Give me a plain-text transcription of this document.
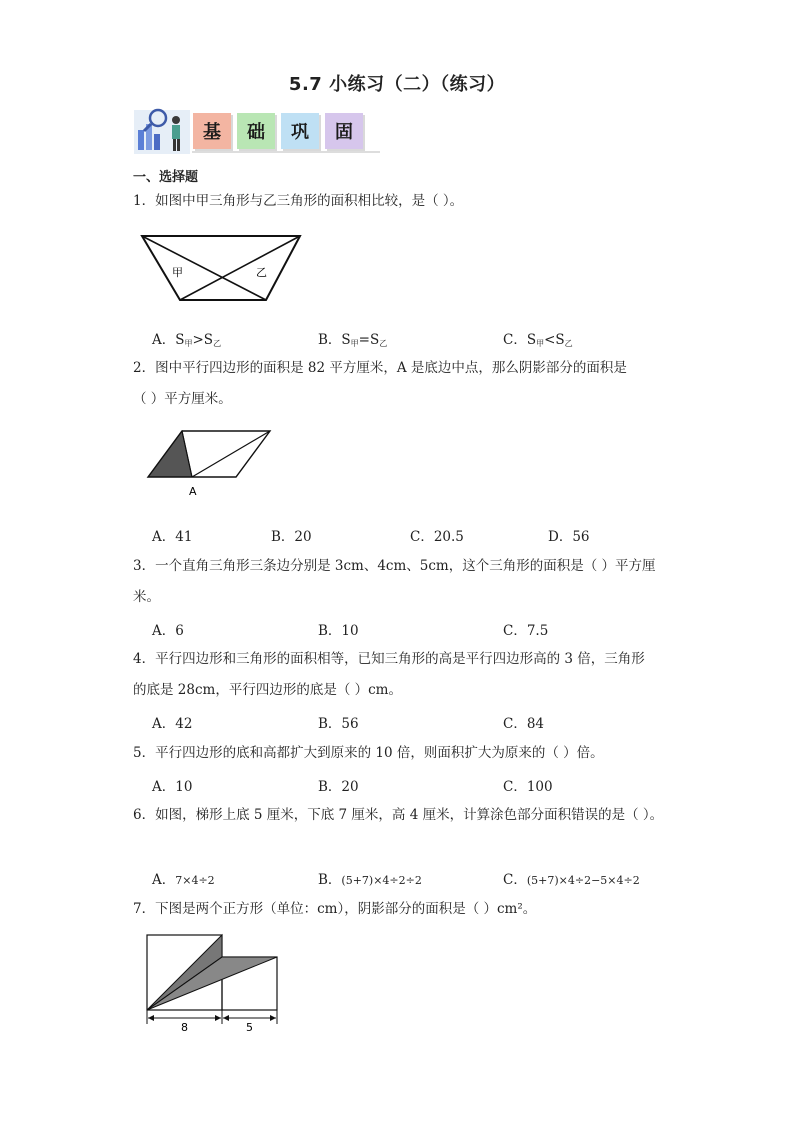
5.7 小练习（二）（练习）
基	础	巩	固
一、选择题
1．如图中甲三角形与乙三角形的面积相比较，是（ ）。
甲	乙
A．$S_甲>S_乙$	B．$S_甲=S_乙$	C．$S_甲<S_乙$
2．图中平行四边形的面积是 82 平方厘米，A 是底边中点，那么阴影部分的面积是
（ ）平方厘米。
A
A．41	B．20	C．20.5	D．56
3．一个直角三角形三条边分别是 3cm、4cm、5cm，这个三角形的面积是（ ）平方厘
米。
A．6	B．10	C．7.5
4．平行四边形和三角形的面积相等，已知三角形的高是平行四边形高的 3 倍，三角形
的底是 28cm，平行四边形的底是（ ）cm。
A．42	B．56	C．84
5．平行四边形的底和高都扩大到原来的 10 倍，则面积扩大为原来的（ ）倍。
A．10	B．20	C．100
6．如图，梯形上底 5 厘米，下底 7 厘米，高 4 厘米，计算涂色部分面积错误的是（ ）。
A．7×4÷2	B．(5+7)×4÷2÷2	C．(5+7)×4÷2−5×4÷2
7．下图是两个正方形（单位：cm），阴影部分的面积是（ ）cm²。
8	5
